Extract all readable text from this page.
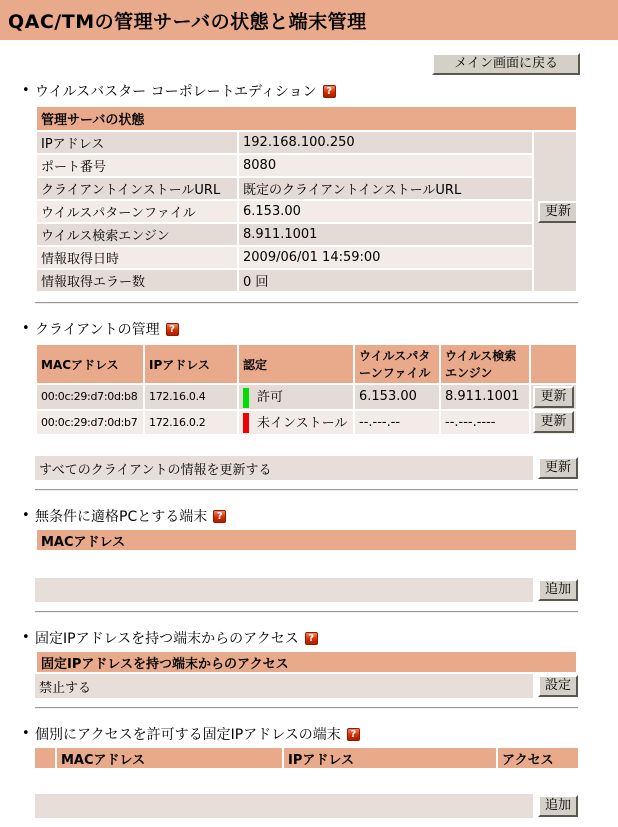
QAC/TMの管理サーバの状態と端末管理
メイン画面に戻る
• ウイルスバスター コーポレートエディション ?
管理サーバの状態		
IPアドレス	192.168.100.250	更新
ポート番号	8080	
クライアントインストールURL	既定のクライアントインストールURL	
ウイルスパターンファイル	6.153.00	
ウイルス検索エンジン	8.911.1001	
情報取得日時	2009/06/01 14:59:00	
情報取得エラー数	0 回	
• クライアントの管理 ?
MACアドレス	IPアドレス	認定	ウイルスパターンファイル	ウイルス検索エンジン	
00:0c:29:d7:0d:b8	172.16.0.4	許可	6.153.00	8.911.1001	更新
00:0c:29:d7:0d:b7	172.16.0.2	未インストール	--.---.--	--.---.----	更新
すべてのクライアントの情報を更新する	更新
• 無条件に適格PCとする端末 ?
MACアドレス
追加
• 固定IPアドレスを持つ端末からのアクセス ?
固定IPアドレスを持つ端末からのアクセス
禁止する	設定
• 個別にアクセスを許可する固定IPアドレスの端末 ?
MACアドレス	IPアドレス	アクセス
追加
